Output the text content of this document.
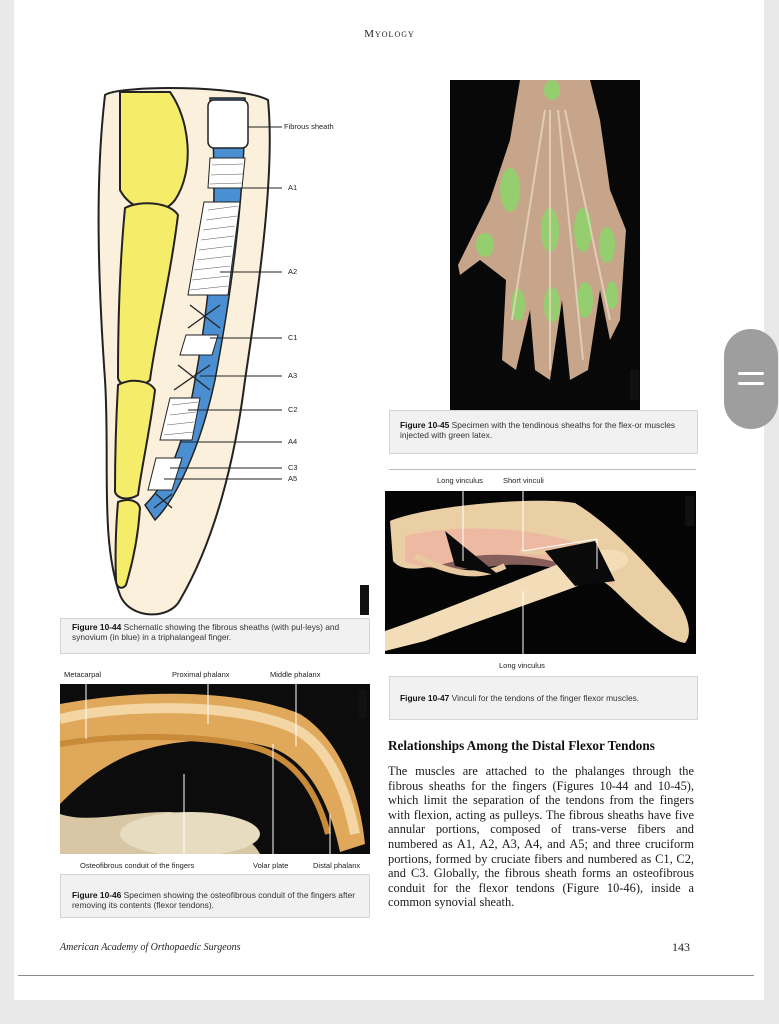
Myology
Fibrous sheath
A1
A2
C1
A3
C2
A4
C3
A5
Figure 10-44 Schematic showing the fibrous sheaths (with pul-leys) and synovium (in blue) in a triphalangeal finger.
Figure 10-45 Specimen with the tendinous sheaths for the flex-or muscles injected with green latex.
Long vinculus	Short vinculi
Long vinculus
Figure 10-47 Vinculi for the tendons of the finger flexor muscles.
Metacarpal	Proximal phalanx	Middle phalanx
Osteofibrous conduit of the fingers	Volar plate	Distal phalanx
Figure 10-46 Specimen showing the osteofibrous conduit of the fingers after removing its contents (flexor tendons).
Relationships Among the Distal Flexor Tendons
The muscles are attached to the phalanges through the fibrous sheaths for the fingers (Figures 10-44 and 10-45), which limit the separation of the tendons from the fingers with flexion, acting as pulleys. The fibrous sheaths have five annular portions, composed of trans-verse fibers and numbered as A1, A2, A3, A4, and A5; and three cruciform portions, formed by cruciate fibers and numbered as C1, C2, and C3. Globally, the fibrous sheath forms an osteofibrous conduit for the flexor tendons (Figure 10-46), inside a common synovial sheath.
American Academy of Orthopaedic Surgeons	143
